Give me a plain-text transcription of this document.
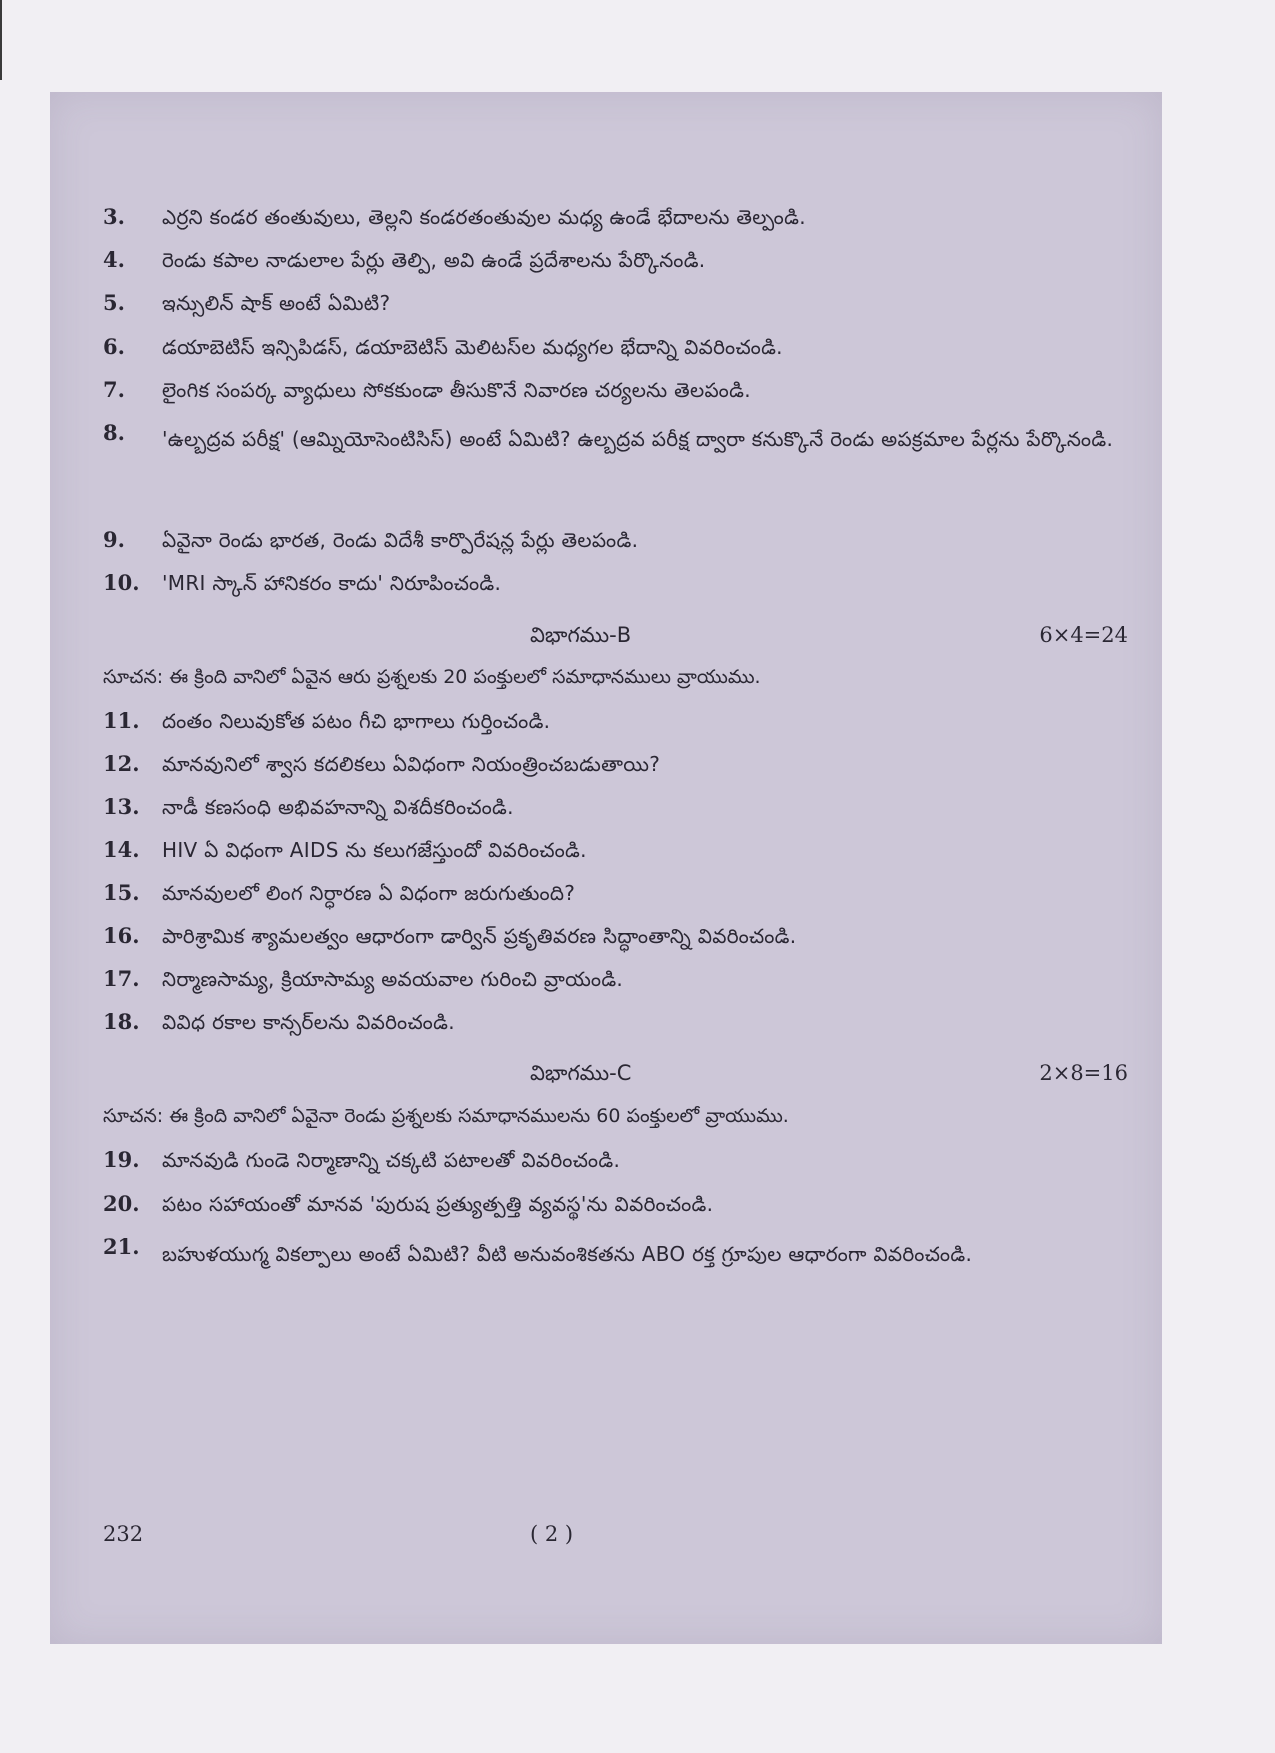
3. ఎర్రని కండర తంతువులు, తెల్లని కండరతంతువుల మధ్య ఉండే భేదాలను తెల్పండి.
4. రెండు కపాల నాడులాల పేర్లు తెల్పి, అవి ఉండే ప్రదేశాలను పేర్కొనండి.
5. ఇన్సులిన్ షాక్ అంటే ఏమిటి?
6. డయాబెటిస్ ఇన్సిపిడస్, డయాబెటిస్ మెలిటస్‌ల మధ్యగల భేదాన్ని వివరించండి.
7. లైంగిక సంపర్క వ్యాధులు సోకకుండా తీసుకొనే నివారణ చర్యలను తెలపండి.
8. 'ఉల్బద్రవ పరీక్ష' (ఆమ్నియోసెంటిసిస్) అంటే ఏమిటి? ఉల్బద్రవ పరీక్ష ద్వారా కనుక్కొనే రెండు అపక్రమాల పేర్లను పేర్కొనండి.
9. ఏవైనా రెండు భారత, రెండు విదేశీ కార్పొరేషన్ల పేర్లు తెలపండి.
10. 'MRI స్కాన్ హానికరం కాదు' నిరూపించండి.
విభాగము-B	6×4=24
సూచన: ఈ క్రింది వానిలో ఏవైన ఆరు ప్రశ్నలకు 20 పంక్తులలో సమాధానములు వ్రాయుము.
11. దంతం నిలువుకోత పటం గీచి భాగాలు గుర్తించండి.
12. మానవునిలో శ్వాస కదలికలు ఏవిధంగా నియంత్రించబడుతాయి?
13. నాడీ కణసంధి అభివహనాన్ని విశదీకరించండి.
14. HIV ఏ విధంగా AIDS ను కలుగజేస్తుందో వివరించండి.
15. మానవులలో లింగ నిర్ధారణ ఏ విధంగా జరుగుతుంది?
16. పారిశ్రామిక శ్యామలత్వం ఆధారంగా డార్విన్ ప్రకృతివరణ సిద్ధాంతాన్ని వివరించండి.
17. నిర్మాణసామ్య, క్రియాసామ్య అవయవాల గురించి వ్రాయండి.
18. వివిధ రకాల కాన్సర్‌లను వివరించండి.
విభాగము-C	2×8=16
సూచన: ఈ క్రింది వానిలో ఏవైనా రెండు ప్రశ్నలకు సమాధానములను 60 పంక్తులలో వ్రాయుము.
19. మానవుడి గుండె నిర్మాణాన్ని చక్కటి పటాలతో వివరించండి.
20. పటం సహాయంతో మానవ 'పురుష ప్రత్యుత్పత్తి వ్యవస్థ'ను వివరించండి.
21. బహుళయుగ్మ వికల్పాలు అంటే ఏమిటి? వీటి అనువంశికతను ABO రక్త గ్రూపుల ఆధారంగా వివరించండి.
232	( 2 )
